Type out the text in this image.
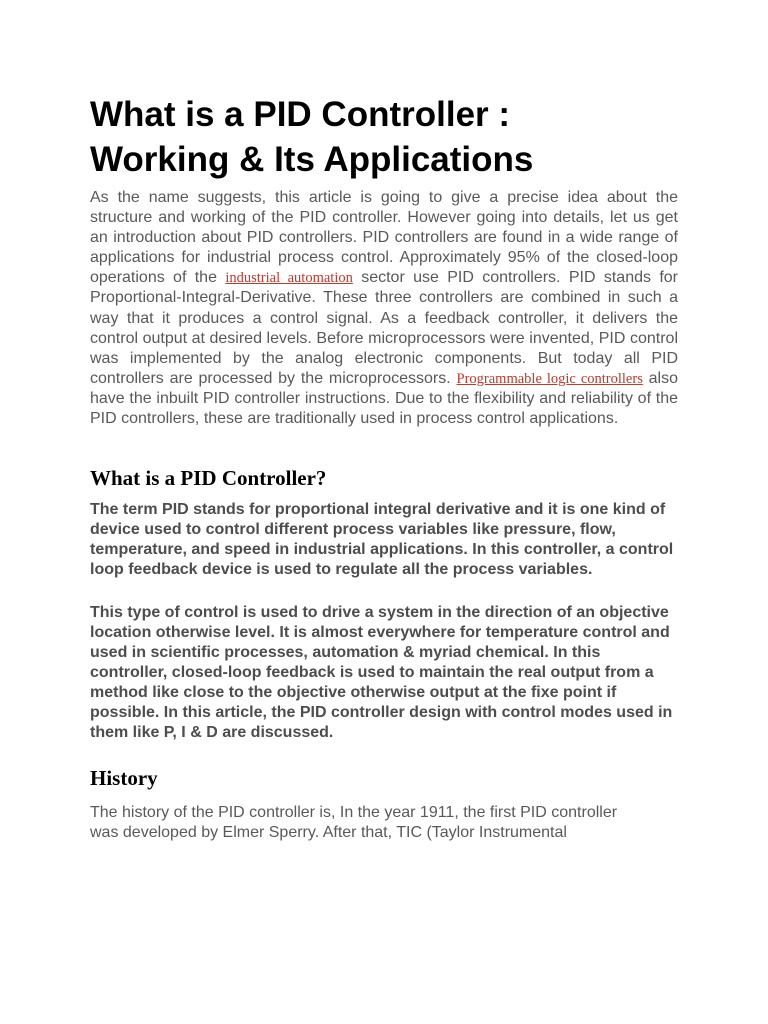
What is a PID Controller :
Working & Its Applications

As the name suggests, this article is going to give a precise idea about the structure and working of the PID controller. However going into details, let us get an introduction about PID controllers. PID controllers are found in a wide range of applications for industrial process control. Approximately 95% of the closed-loop operations of the industrial automation sector use PID controllers. PID stands for Proportional-Integral-Derivative. These three controllers are combined in such a way that it produces a control signal. As a feedback controller, it delivers the control output at desired levels. Before microprocessors were invented, PID control was implemented by the analog electronic components. But today all PID controllers are processed by the microprocessors. Programmable logic controllers also have the inbuilt PID controller instructions. Due to the flexibility and reliability of the PID controllers, these are traditionally used in process control applications.

What is a PID Controller?

The term PID stands for proportional integral derivative and it is one kind of device used to control different process variables like pressure, flow, temperature, and speed in industrial applications. In this controller, a control loop feedback device is used to regulate all the process variables.

This type of control is used to drive a system in the direction of an objective location otherwise level. It is almost everywhere for temperature control and used in scientific processes, automation & myriad chemical. In this controller, closed-loop feedback is used to maintain the real output from a method like close to the objective otherwise output at the fixe point if possible. In this article, the PID controller design with control modes used in them like P, I & D are discussed.

History

The history of the PID controller is, In the year 1911, the first PID controller
was developed by Elmer Sperry. After that, TIC (Taylor Instrumental
